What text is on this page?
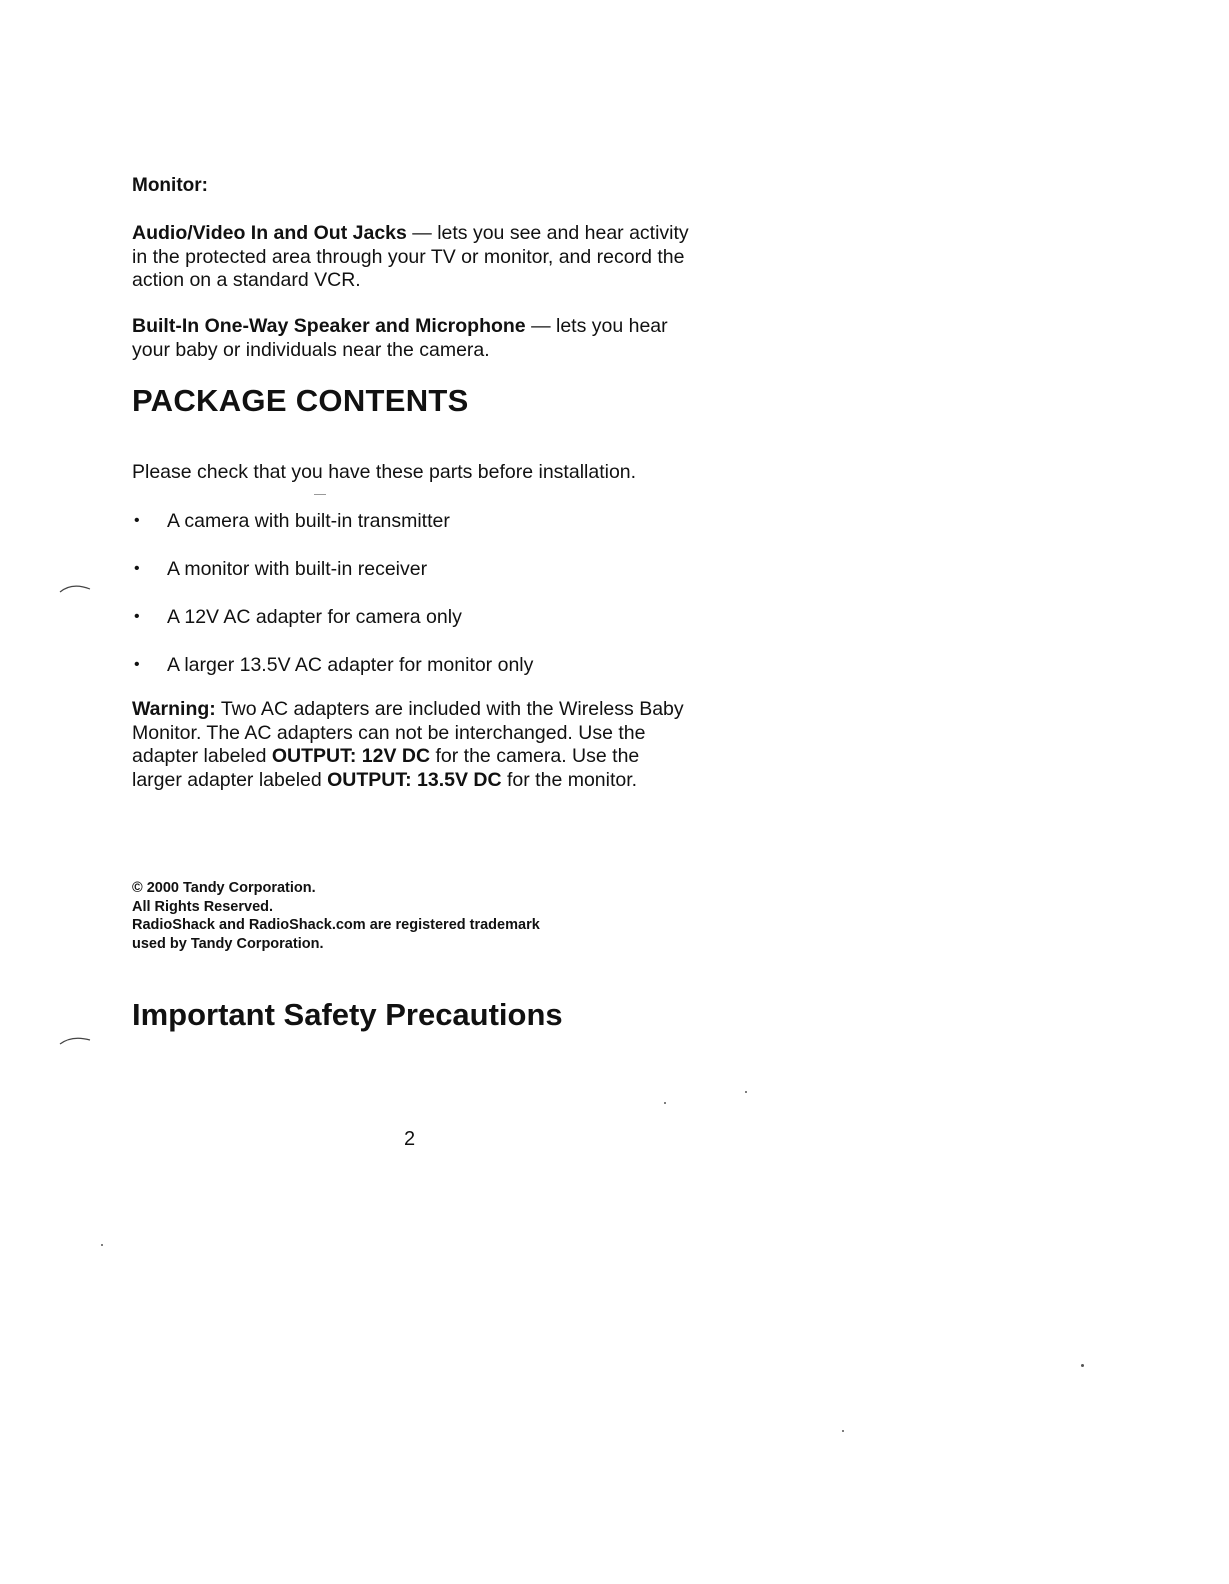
Monitor:

Audio/Video In and Out Jacks — lets you see and hear activity
in the protected area through your TV or monitor, and record the
action on a standard VCR.
Built-In One-Way Speaker and Microphone — lets you hear
your baby or individuals near the camera.
PACKAGE CONTENTS

Please check that you have these parts before installation.

• A camera with built-in transmitter
• A monitor with built-in receiver
• A 12V AC adapter for camera only
• A larger 13.5V AC adapter for monitor only
Warning: Two AC adapters are included with the Wireless Baby
Monitor. The AC adapters can not be interchanged. Use the
adapter labeled OUTPUT: 12V DC for the camera. Use the
larger adapter labeled OUTPUT: 13.5V DC for the monitor.
© 2000 Tandy Corporation.
All Rights Reserved.
RadioShack and RadioShack.com are registered trademark
used by Tandy Corporation.
Important Safety Precautions

2
